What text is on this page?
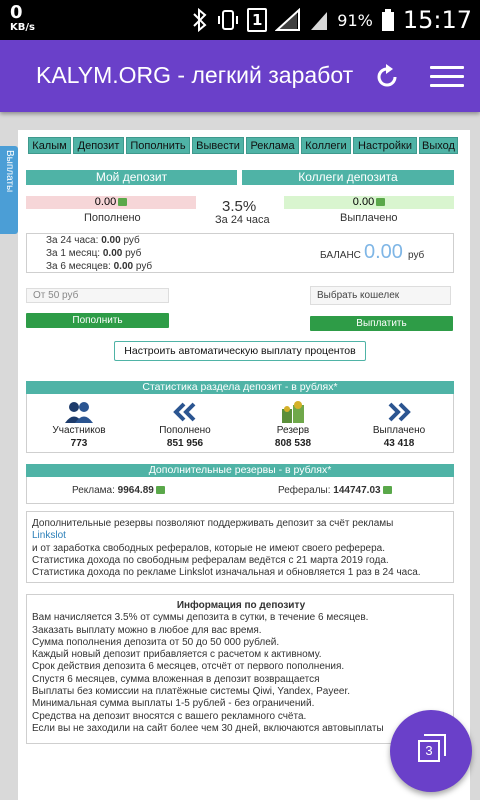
0
KB/s	1	91% 15:17
KALYM.ORG - легкий заработ
Выплаты
Калым Депозит Пополнить Вывести Реклама Коллеги	Настройки Выход
Мой депозит	Коллеги депозита
0.00
Пополнено
3.5%
За 24 часа
0.00
Выплачено
За 24 часа: 0.00 руб
За 1 месяц: 0.00 руб
За 6 месяцев: 0.00 руб
БАЛАНС 0.00 руб
От 50 руб	Выбрать кошелек
Пополнить	Выплатить
Настроить автоматическую выплату процентов
Статистика раздела депозит - в рублях*
Участников
773
Пополнено
851 956
Резерв
808 538
Выплачено
43 418
Дополнительные резервы - в рублях*
Реклама: 9964.89	Рефералы: 144747.03
Дополнительные резервы позволяют поддерживать депозит за счёт рекламы
Linkslot
и от заработка свободных рефералов, которые не имеют своего реферера.
Статистика дохода по свободным рефералам ведётся с 21 марта 2019 года.
Статистика дохода по рекламе Linkslot изначальная и обновляется 1 раз в 24 часа.
Информация по депозиту
Вам начисляется 3.5% от суммы депозита в сутки, в течение 6 месяцев.
Заказать выплату можно в любое для вас время.
Сумма пополнения депозита от 50 до 50 000 рублей.
Каждый новый депозит прибавляется с расчетом к активному.
Срок действия депозита 6 месяцев, отсчёт от первого пополнения.
Спустя 6 месяцев, сумма вложенная в депозит возвращается
Выплаты без комиссии на платёжные системы Qiwi, Yandex, Payeer.
Минимальная сумма выплаты 1-5 рублей - без ограничений.
Средства на депозит вносятся с вашего рекламного счёта.
Если вы не заходили на сайт более чем 30 дней, включаются автовыплаты
3
